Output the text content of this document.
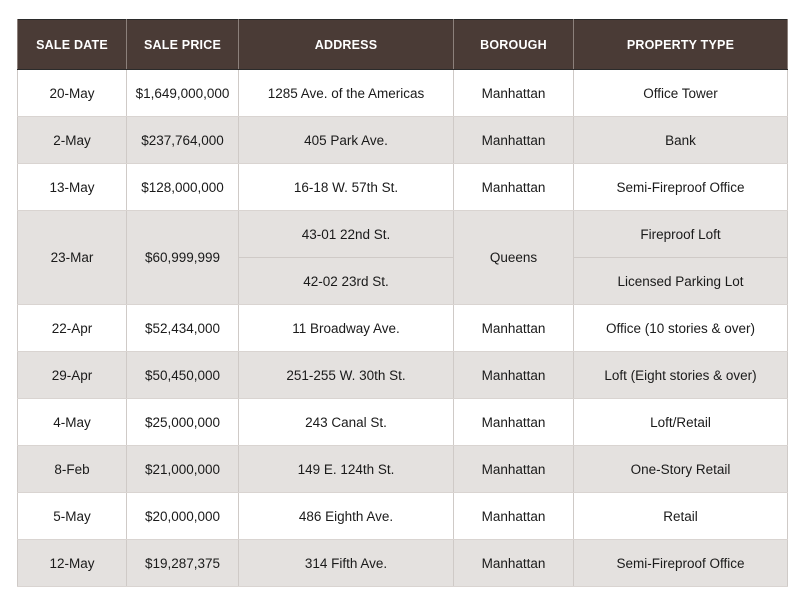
SALE DATE	SALE PRICE	ADDRESS	BOROUGH	PROPERTY TYPE
20-May	$1,649,000,000	1285 Ave. of the Americas	Manhattan	Office Tower
2-May	$237,764,000	405 Park Ave.	Manhattan	Bank
13-May	$128,000,000	16-18 W. 57th St.	Manhattan	Semi-Fireproof Office
23-Mar	$60,999,999	43-01 22nd St.	Queens	Fireproof Loft
		42-02 23rd St.		Licensed Parking Lot
22-Apr	$52,434,000	11 Broadway Ave.	Manhattan	Office (10 stories & over)
29-Apr	$50,450,000	251-255 W. 30th St.	Manhattan	Loft (Eight stories & over)
4-May	$25,000,000	243 Canal St.	Manhattan	Loft/Retail
8-Feb	$21,000,000	149 E. 124th St.	Manhattan	One-Story Retail
5-May	$20,000,000	486 Eighth Ave.	Manhattan	Retail
12-May	$19,287,375	314 Fifth Ave.	Manhattan	Semi-Fireproof Office
